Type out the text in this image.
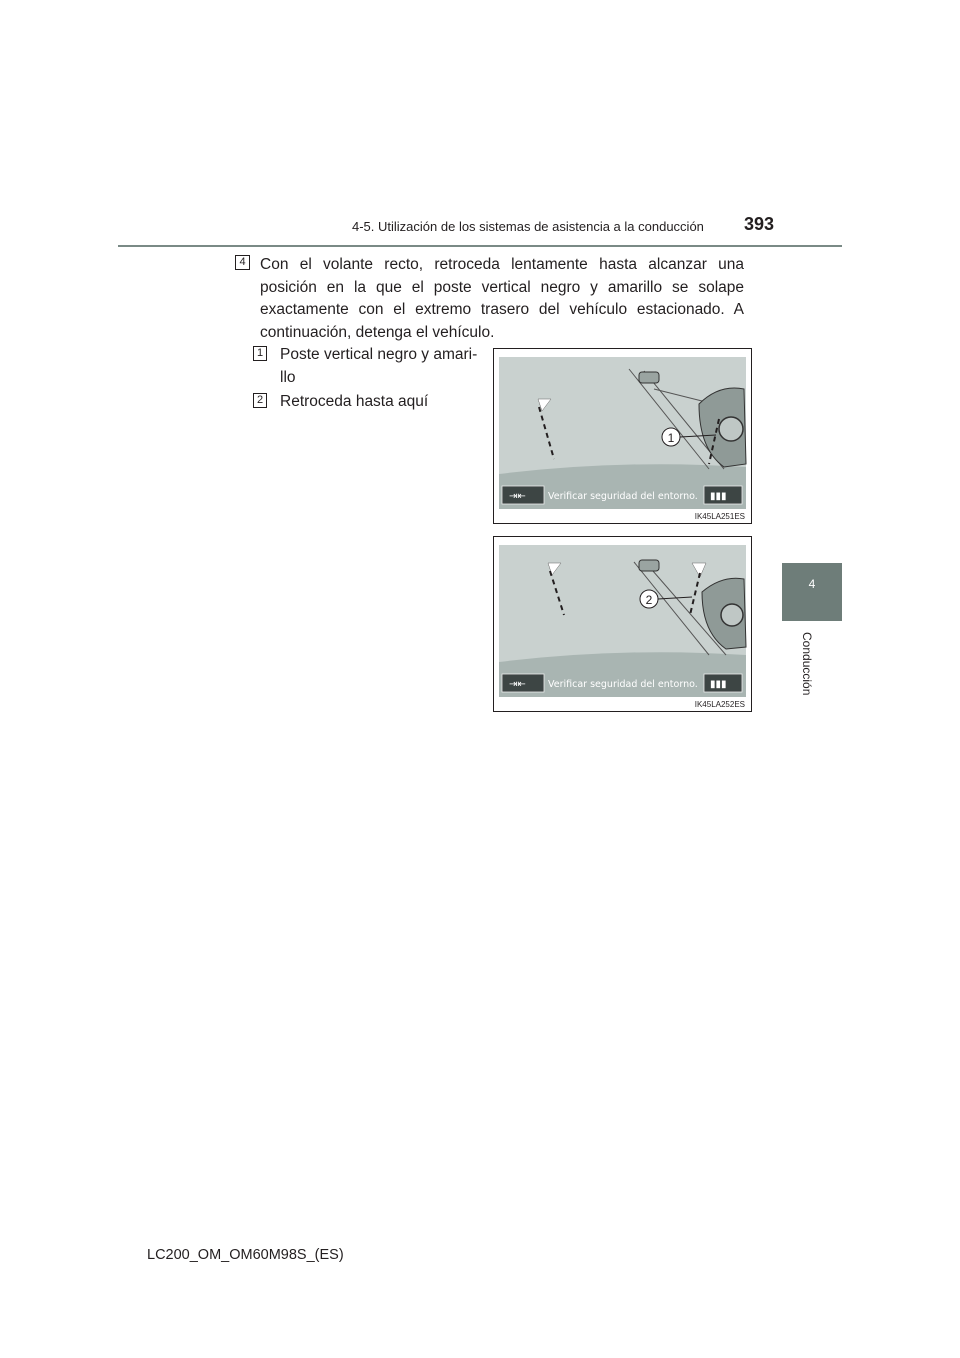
4-5. Utilización de los sistemas de asistencia a la conducción 393
4
Conducción
4 Con el volante recto, retroceda lentamente hasta alcanzar una posición en la que el poste vertical negro y amarillo se solape exactamente con el extremo trasero del vehículo estacionado. A continuación, detenga el vehículo.
1 Poste vertical negro y amari-llo
2 Retroceda hasta aquí
1
⇥⇤	▮▮▮
Verificar seguridad del entorno.
IK45LA251ES
2
⇥⇤	▮▮▮
Verificar seguridad del entorno.
IK45LA252ES
LC200_OM_OM60M98S_(ES)
